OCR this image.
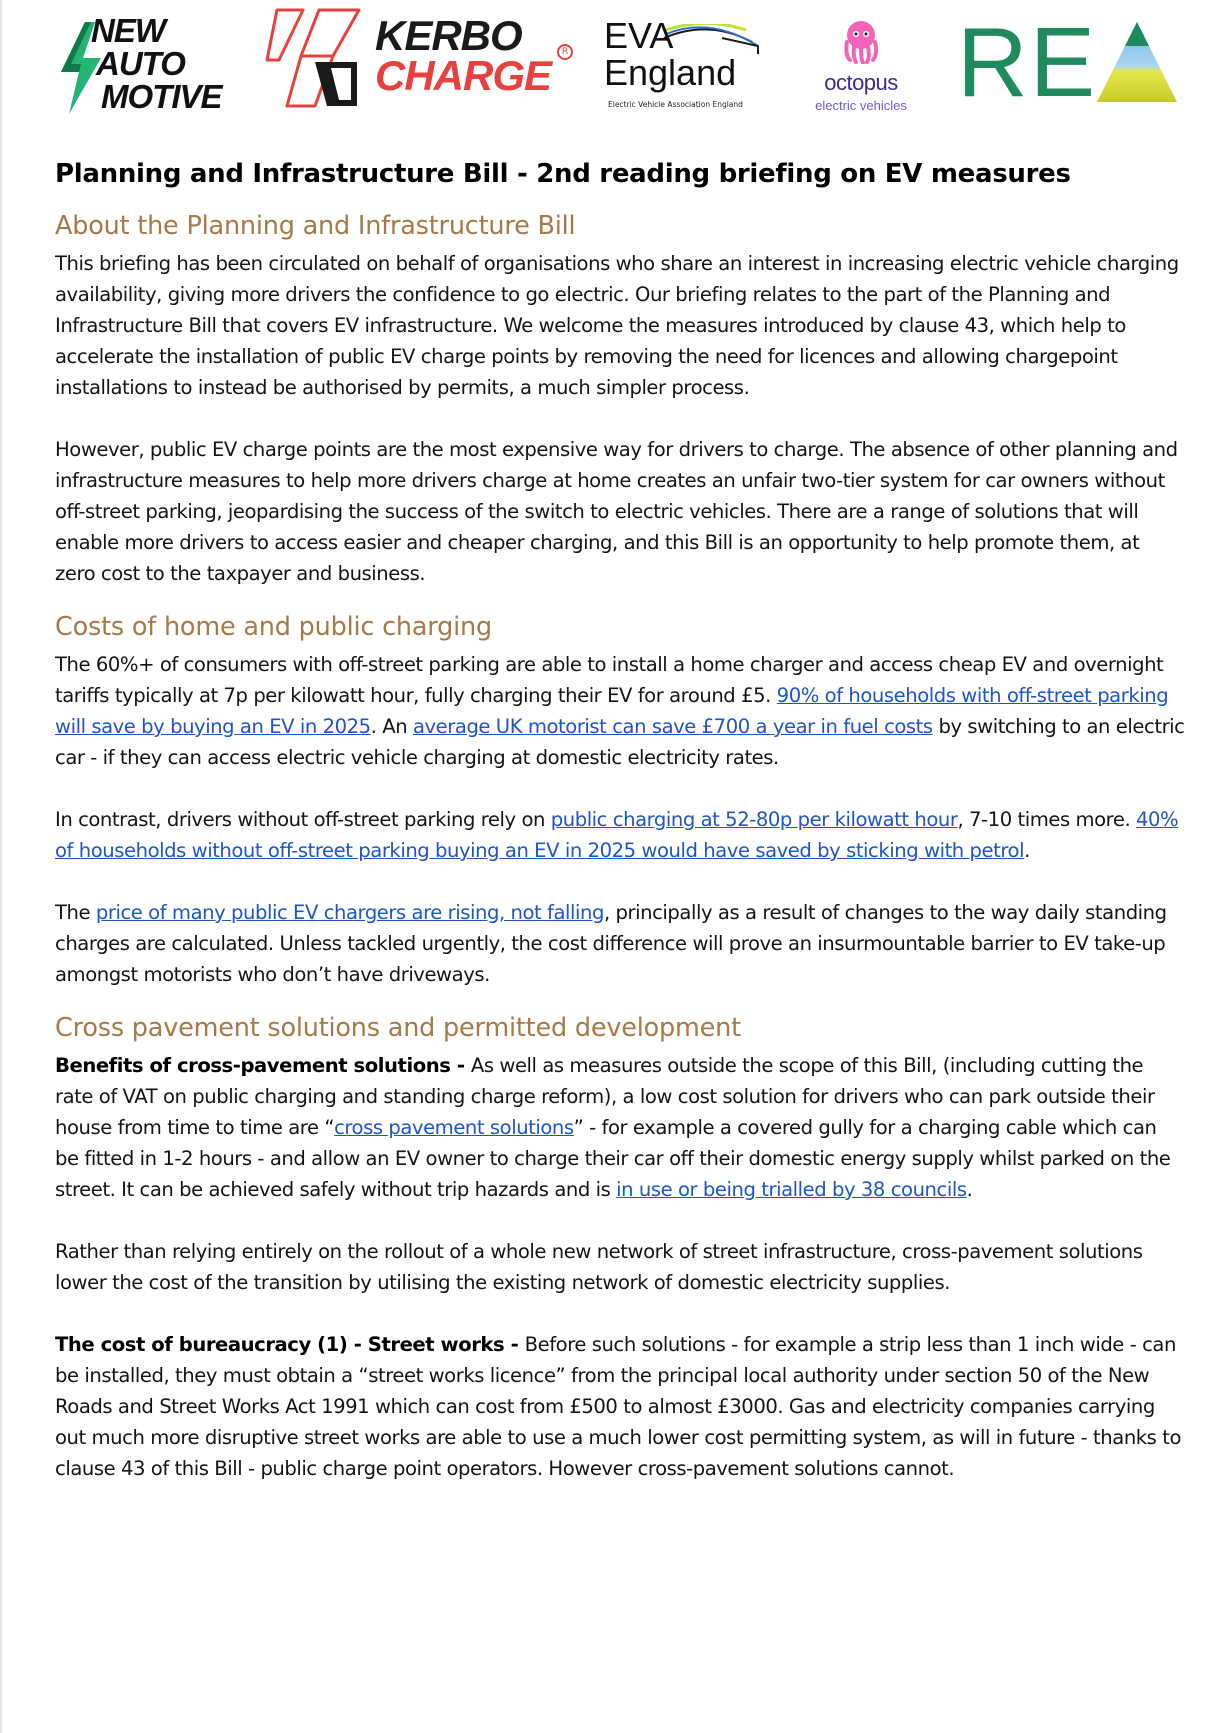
NEW
AUTO
MOTIVE
KERBO
CHARGE	R EVA
England
Electric Vehicle Association England
octopus
electric vehicles RE
Planning and Infrastructure Bill - 2nd reading briefing on EV measures
About the Planning and Infrastructure Bill

This briefing has been circulated on behalf of organisations who share an interest in increasing electric vehicle charging availability, giving more drivers the confidence to go electric. Our briefing relates to the part of the Planning and Infrastructure Bill that covers EV infrastructure. We welcome the measures introduced by clause 43, which help to accelerate the installation of public EV charge points by removing the need for licences and allowing chargepoint installations to instead be authorised by permits, a much simpler process.

However, public EV charge points are the most expensive way for drivers to charge. The absence of other planning and infrastructure measures to help more drivers charge at home creates an unfair two-tier system for car owners without off-street parking, jeopardising the success of the switch to electric vehicles. There are a range of solutions that will enable more drivers to access easier and cheaper charging, and this Bill is an opportunity to help promote them, at zero cost to the taxpayer and business.

Costs of home and public charging

The 60%+ of consumers with off-street parking are able to install a home charger and access cheap EV and overnight tariffs typically at 7p per kilowatt hour, fully charging their EV for around £5. 90% of households with off-street parking will save by buying an EV in 2025. An average UK motorist can save £700 a year in fuel costs by switching to an electric car - if they can access electric vehicle charging at domestic electricity rates.

In contrast, drivers without off-street parking rely on public charging at 52-80p per kilowatt hour, 7-10 times more. 40% of households without off-street parking buying an EV in 2025 would have saved by sticking with petrol.

The price of many public EV chargers are rising, not falling, principally as a result of changes to the way daily standing charges are calculated. Unless tackled urgently, the cost difference will prove an insurmountable barrier to EV take-up amongst motorists who don’t have driveways.

Cross pavement solutions and permitted development

Benefits of cross-pavement solutions - As well as measures outside the scope of this Bill, (including cutting the rate of VAT on public charging and standing charge reform), a low cost solution for drivers who can park outside their house from time to time are “cross pavement solutions” - for example a covered gully for a charging cable which can be fitted in 1-2 hours - and allow an EV owner to charge their car off their domestic energy supply whilst parked on the street. It can be achieved safely without trip hazards and is in use or being trialled by 38 councils.

Rather than relying entirely on the rollout of a whole new network of street infrastructure, cross-pavement solutions lower the cost of the transition by utilising the existing network of domestic electricity supplies.

The cost of bureaucracy (1) - Street works - Before such solutions - for example a strip less than 1 inch wide - can be installed, they must obtain a “street works licence” from the principal local authority under section 50 of the New Roads and Street Works Act 1991 which can cost from £500 to almost £3000. Gas and electricity companies carrying out much more disruptive street works are able to use a much lower cost permitting system, as will in future - thanks to clause 43 of this Bill - public charge point operators. However cross-pavement solutions cannot.
